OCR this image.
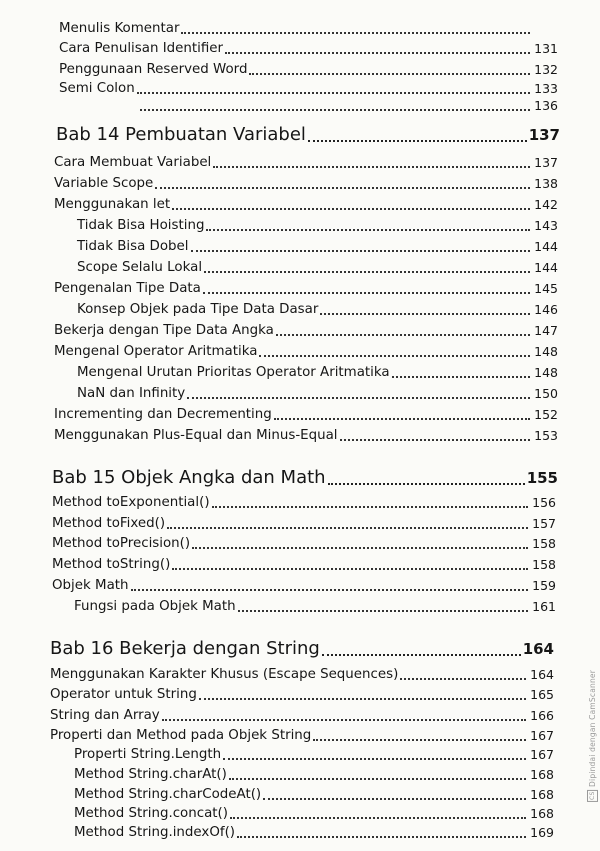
Menulis Komentar
Cara Penulisan Identifier	131
Penggunaan Reserved Word	132
Semi Colon	133
136
Bab 14 Pembuatan Variabel	137
Cara Membuat Variabel	137
Variable Scope	138
Menggunakan let	142
Tidak Bisa Hoisting	143
Tidak Bisa Dobel	144
Scope Selalu Lokal	144
Pengenalan Tipe Data	145
Konsep Objek pada Tipe Data Dasar	146
Bekerja dengan Tipe Data Angka	147
Mengenal Operator Aritmatika	148
Mengenal Urutan Prioritas Operator Aritmatika	148
NaN dan Infinity	150
Incrementing dan Decrementing	152
Menggunakan Plus-Equal dan Minus-Equal	153
Bab 15 Objek Angka dan Math	155
Method toExponential()	156
Method toFixed()	157
Method toPrecision()	158
Method toString()	158
Objek Math	159
Fungsi pada Objek Math	161
Bab 16 Bekerja dengan String	164
Menggunakan Karakter Khusus (Escape Sequences)	164
Operator untuk String	165
String dan Array	166
Properti dan Method pada Objek String	167
Properti String.Length	167
Method String.charAt()	168
Method String.charCodeAt()	168
Method String.concat()	168
Method String.indexOf()	169
CS Dipindai dengan CamScanner
